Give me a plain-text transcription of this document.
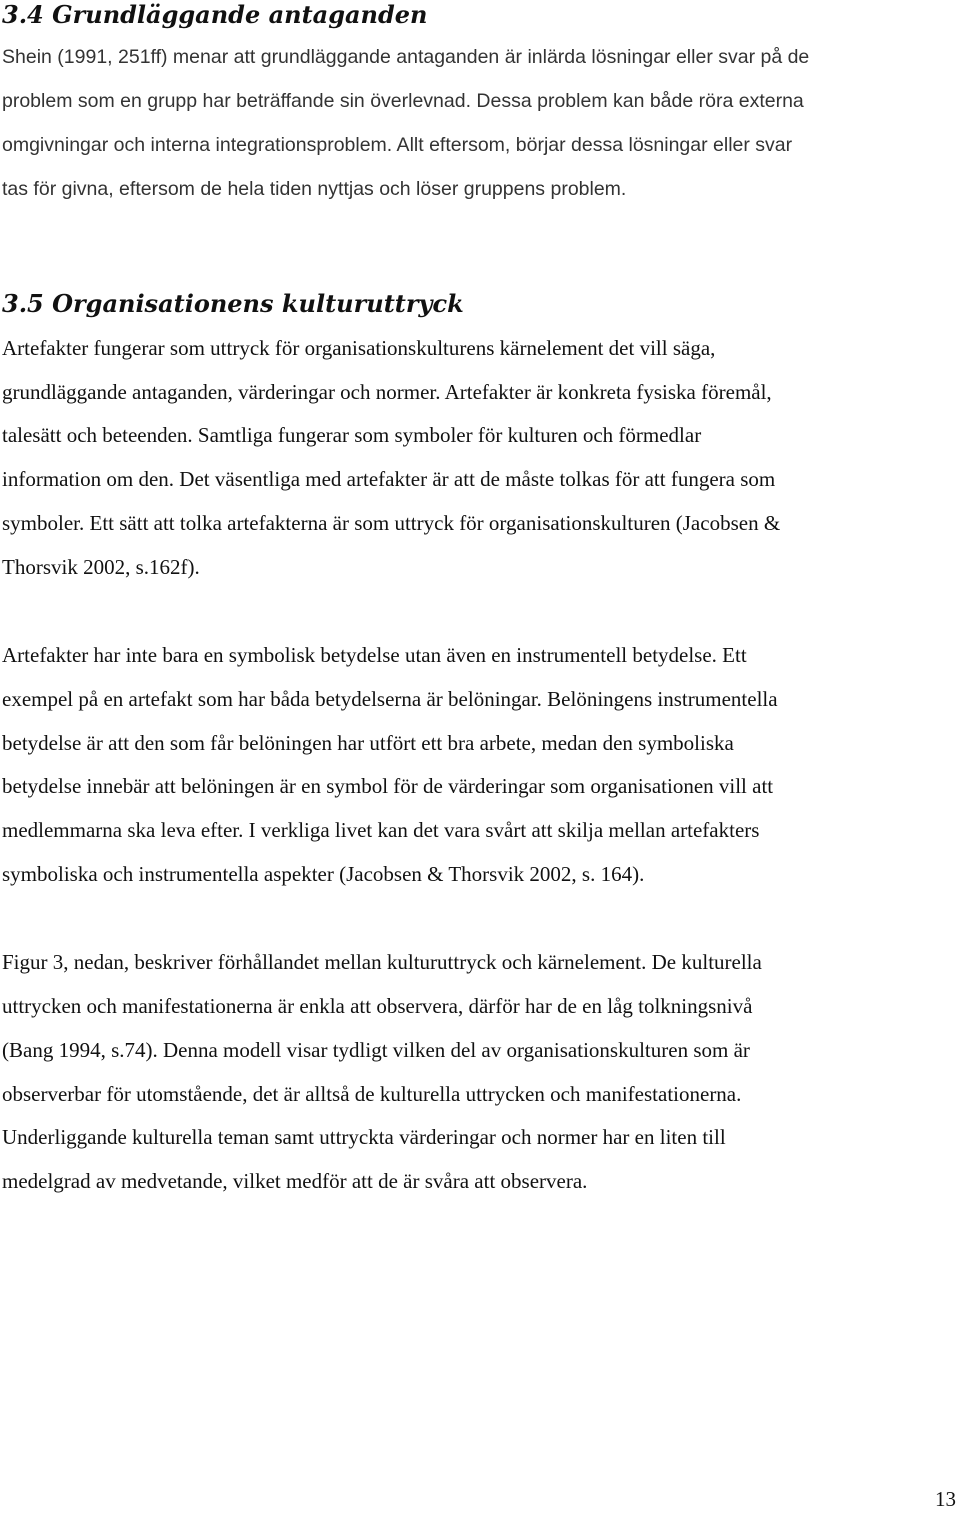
3.4 Grundläggande antaganden

Shein (1991, 251ff) menar att grundläggande antaganden är inlärda lösningar eller svar på de

problem som en grupp har beträffande sin överlevnad. Dessa problem kan både röra externa

omgivningar och interna integrationsproblem. Allt eftersom, börjar dessa lösningar eller svar

tas för givna, eftersom de hela tiden nyttjas och löser gruppens problem.

3.5 Organisationens kulturuttryck

Artefakter fungerar som uttryck för organisationskulturens kärnelement det vill säga,

grundläggande antaganden, värderingar och normer. Artefakter är konkreta fysiska föremål,

talesätt och beteenden. Samtliga fungerar som symboler för kulturen och förmedlar

information om den. Det väsentliga med artefakter är att de måste tolkas för att fungera som

symboler. Ett sätt att tolka artefakterna är som uttryck för organisationskulturen (Jacobsen &

Thorsvik 2002, s.162f).

Artefakter har inte bara en symbolisk betydelse utan även en instrumentell betydelse. Ett

exempel på en artefakt som har båda betydelserna är belöningar. Belöningens instrumentella

betydelse är att den som får belöningen har utfört ett bra arbete, medan den symboliska

betydelse innebär att belöningen är en symbol för de värderingar som organisationen vill att

medlemmarna ska leva efter. I verkliga livet kan det vara svårt att skilja mellan artefakters

symboliska och instrumentella aspekter (Jacobsen & Thorsvik 2002, s. 164).

Figur 3, nedan, beskriver förhållandet mellan kulturuttryck och kärnelement. De kulturella

uttrycken och manifestationerna är enkla att observera, därför har de en låg tolkningsnivå

(Bang 1994, s.74). Denna modell visar tydligt vilken del av organisationskulturen som är

observerbar för utomstående, det är alltså de kulturella uttrycken och manifestationerna.

Underliggande kulturella teman samt uttryckta värderingar och normer har en liten till

medelgrad av medvetande, vilket medför att de är svåra att observera.

13
